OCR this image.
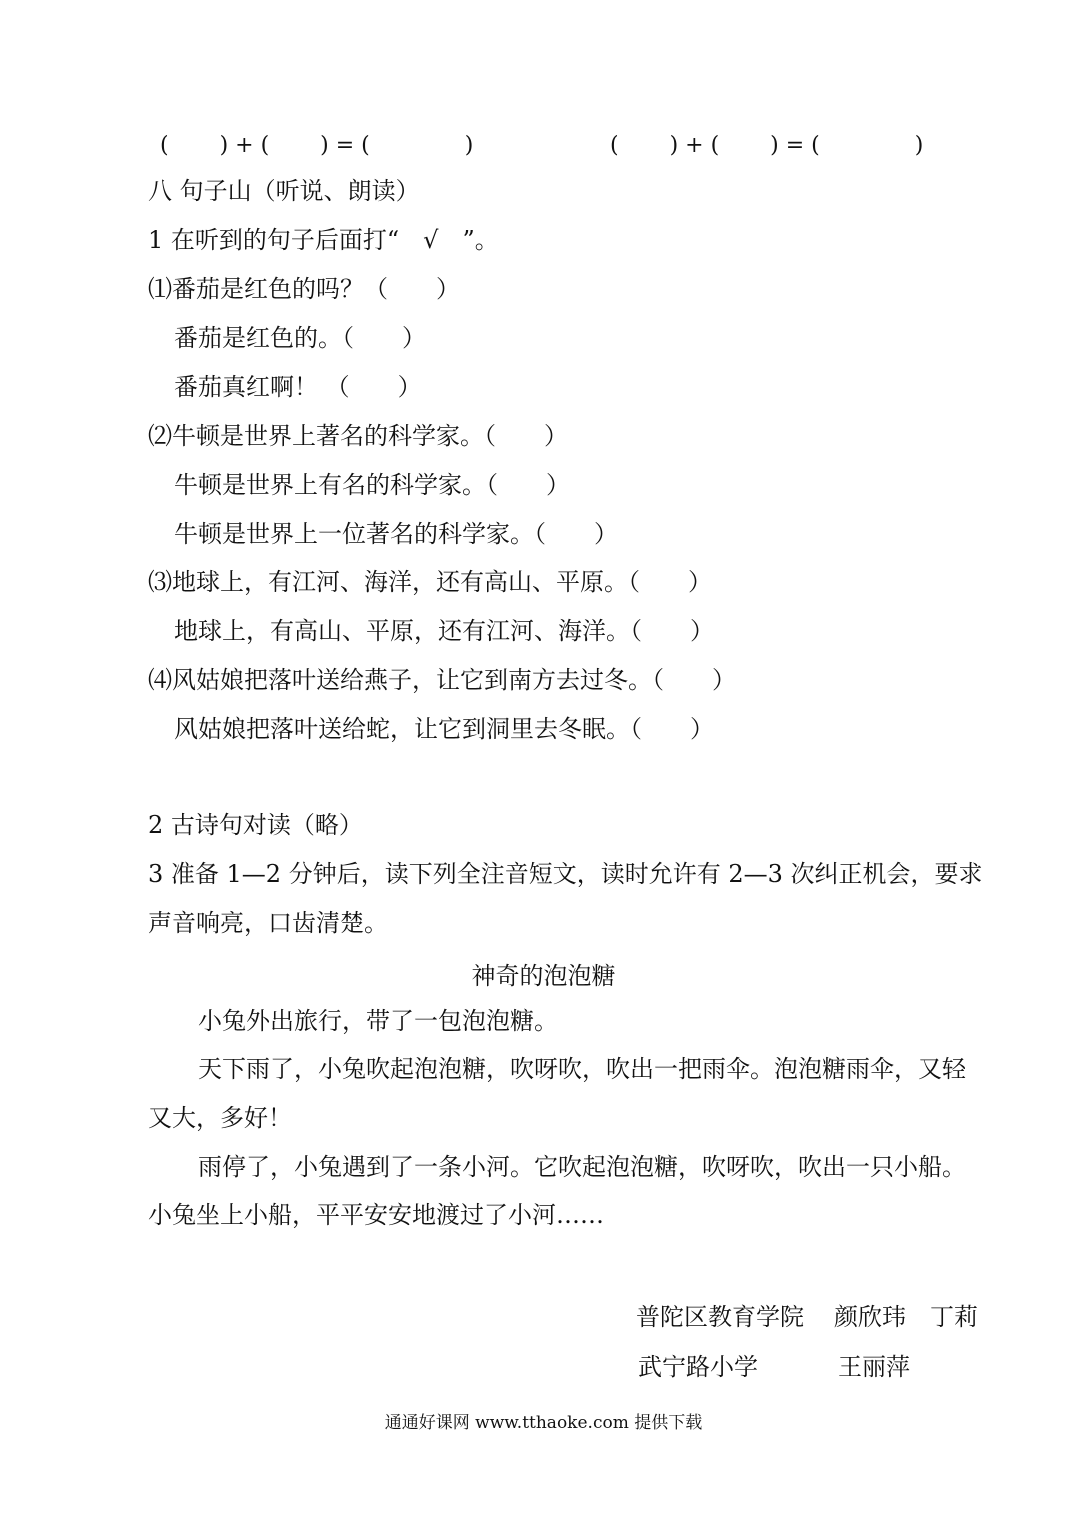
(　　 ) + (　　 ) = (　　　　 )	(　　 ) + (　　 ) = (　　　　 )
八 句子山（听说、朗读）
1 在听到的句子后面打“　√　”。
⑴番茄是红色的吗？（　　）
番茄是红色的。（　　）
番茄真红啊！ （　　）
⑵牛顿是世界上著名的科学家。（　　）
牛顿是世界上有名的科学家。（　　）
牛顿是世界上一位著名的科学家。（　　）
⑶地球上，有江河、海洋，还有高山、平原。（　　）
地球上，有高山、平原，还有江河、海洋。（　　）
⑷风姑娘把落叶送给燕子，让它到南方去过冬。（　　）
风姑娘把落叶送给蛇，让它到洞里去冬眠。（　　）
2 古诗句对读（略）
3 准备 1—2 分钟后，读下列全注音短文，读时允许有 2—3 次纠正机会，要求
声音响亮，口齿清楚。
神奇的泡泡糖
小兔外出旅行，带了一包泡泡糖。
天下雨了，小兔吹起泡泡糖，吹呀吹，吹出一把雨伞。泡泡糖雨伞，又轻
又大，多好！
雨停了，小兔遇到了一条小河。它吹起泡泡糖，吹呀吹，吹出一只小船。
小兔坐上小船，平平安安地渡过了小河……
普陀区教育学院 颜欣玮　丁莉
武宁路小学	王丽萍
通通好课网 www.tthaoke.com 提供下载
